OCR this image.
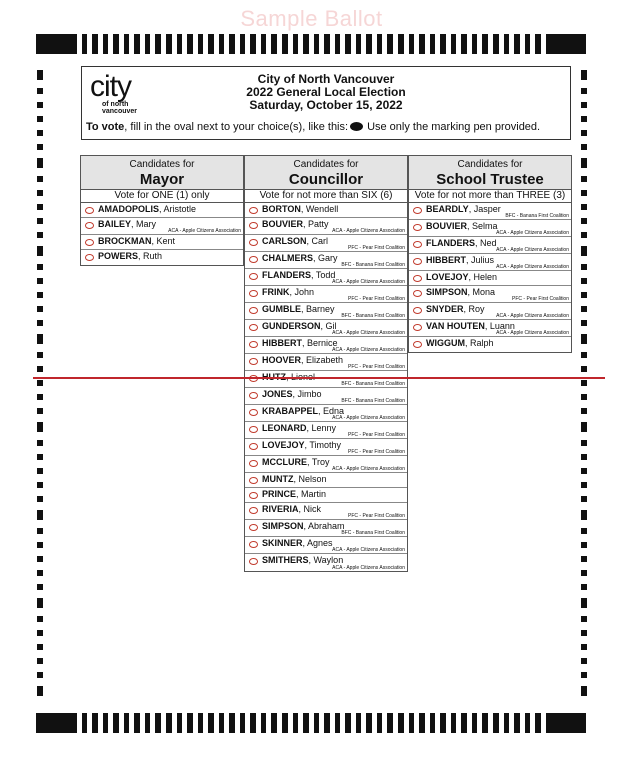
Sample Ballot
city
of north
vancouver
City of North Vancouver
2022 General Local Election
Saturday, October 15, 2022
To vote, fill in the oval next to your choice(s), like this: Use only the marking pen provided.
Candidates for
Mayor
Vote for ONE (1) only
AMADOPOLIS, Aristotle
BAILEY, Mary
ACA - Apple Citizens Association
BROCKMAN, Kent
POWERS, Ruth
Candidates for
Councillor
Vote for not more than SIX (6)
BORTON, Wendell
BOUVIER, Patty
ACA - Apple Citizens Association
CARLSON, Carl
PFC - Pear First Coalition
CHALMERS, Gary
BFC - Banana First Coalition
FLANDERS, Todd
ACA - Apple Citizens Association
FRINK, John
PFC - Pear First Coalition
GUMBLE, Barney
BFC - Banana First Coalition
GUNDERSON, Gil
ACA - Apple Citizens Association
HIBBERT, Bernice
ACA - Apple Citizens Association
HOOVER, Elizabeth
PFC - Pear First Coalition
BFC - Banana First Coalition
JONES, Jimbo
BFC - Banana First Coalition
KRABAPPEL, Edna
ACA - Apple Citizens Association
LEONARD, Lenny
PFC - Pear First Coalition
LOVEJOY, Timothy
PFC - Pear First Coalition
MCCLURE, Troy
ACA - Apple Citizens Association
MUNTZ, Nelson
PRINCE, Martin
RIVERIA, Nick
PFC - Pear First Coalition
SIMPSON, Abraham
BFC - Banana First Coalition
SKINNER, Agnes
ACA - Apple Citizens Association
SMITHERS, Waylon
ACA - Apple Citizens Association
Candidates for
School Trustee
Vote for not more than THREE (3)
BEARDLY, Jasper
BFC - Banana First Coalition
BOUVIER, Selma
ACA - Apple Citizens Association
FLANDERS, Ned
ACA - Apple Citizens Association
HIBBERT, Julius
ACA - Apple Citizens Association
LOVEJOY, Helen
SIMPSON, Mona
PFC - Pear First Coalition
SNYDER, Roy
ACA - Apple Citizens Association
VAN HOUTEN, Luann
ACA - Apple Citizens Association
WIGGUM, Ralph
